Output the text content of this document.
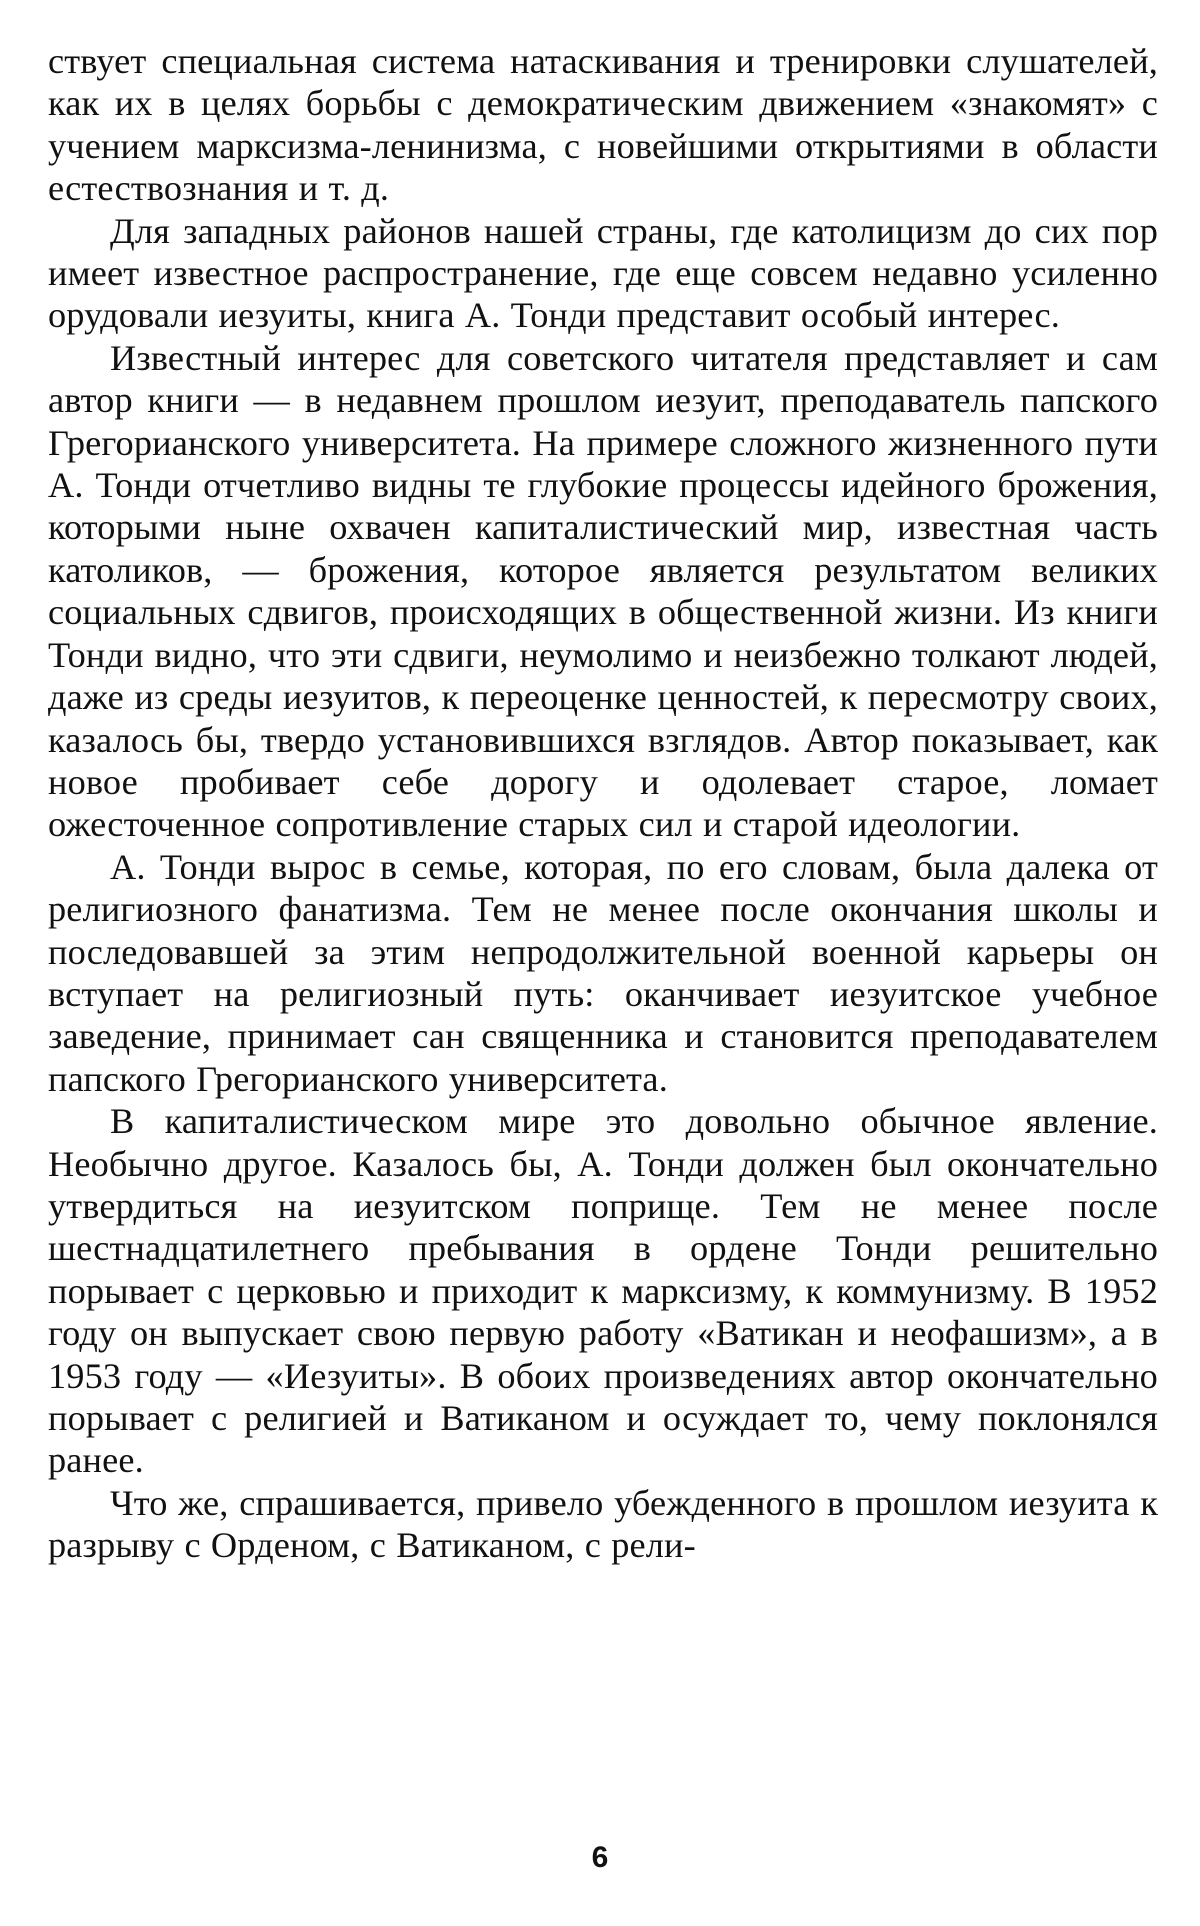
ствует специальная система натаскивания и тренировки слушателей, как их в целях борьбы с демократическим движением «знакомят» с учением марксизма-ленинизма, с новейшими открытиями в области естествознания и т. д.

Для западных районов нашей страны, где католицизм до сих пор имеет известное распространение, где еще совсем недавно усиленно орудовали иезуиты, книга А. Тонди представит особый интерес.

Известный интерес для советского читателя представляет и сам автор книги — в недавнем прошлом иезуит, преподаватель папского Грегорианского университета. На примере сложного жизненного пути А. Тонди отчетливо видны те глубокие процессы идейного брожения, которыми ныне охвачен капиталистический мир, известная часть католиков, — брожения, которое является результатом великих социальных сдвигов, происходящих в общественной жизни. Из книги Тонди видно, что эти сдвиги, неумолимо и неизбежно толкают людей, даже из среды иезуитов, к переоценке ценностей, к пересмотру своих, казалось бы, твердо установившихся взглядов. Автор показывает, как новое пробивает себе дорогу и одолевает старое, ломает ожесточенное сопротивление старых сил и старой идеологии.

А. Тонди вырос в семье, которая, по его словам, была далека от религиозного фанатизма. Тем не менее после окончания школы и последовавшей за этим непродолжительной военной карьеры он вступает на религиозный путь: оканчивает иезуитское учебное заведение, принимает сан священника и становится преподавателем папского Грегорианского университета.

В капиталистическом мире это довольно обычное явление. Необычно другое. Казалось бы, А. Тонди должен был окончательно утвердиться на иезуитском поприще. Тем не менее после шестнадцатилетнего пребывания в ордене Тонди решительно порывает с церковью и приходит к марксизму, к коммунизму. В 1952 году он выпускает свою первую работу «Ватикан и неофашизм», а в 1953 году — «Иезуиты». В обоих произведениях автор окончательно порывает с религией и Ватиканом и осуждает то, чему поклонялся ранее.

Что же, спрашивается, привело убежденного в прошлом иезуита к разрыву с Орденом, с Ватиканом, с рели-

6
